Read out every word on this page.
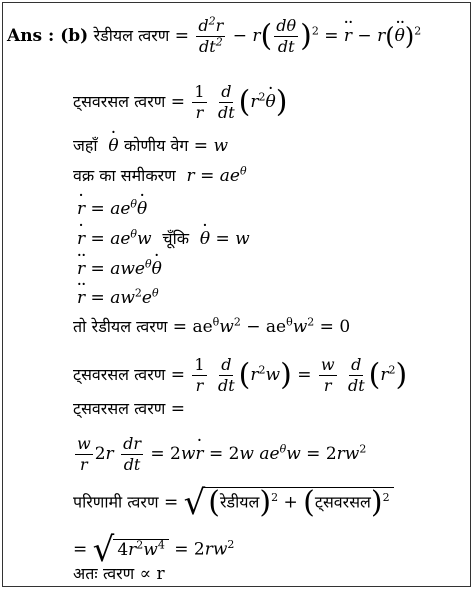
Ans : (b) रेडीयल त्वरण = $\frac{d^2r}{dt^2} - r( \frac{d\theta}{dt} )^2 = r$ ·· − $r(\theta \cdot\cdot)^2$
ट्सवरसल त्वरण = $\frac{1}{r}$
$\frac{d}{dt} (r^2\theta$ ·)
जहाँ θ · कोणीय वेग = w
वक्र का समीकरण $r = ae^\theta$
r · = $ae^\theta\theta$ ·
r · = $ae^\theta w$ चूँकि θ · = w
r ·· = awe$^\theta$θ ·
r ·· = $aw^2e^\theta$
तो रेडीयल त्वरण = $ae^\theta w^2 - ae^\theta w^2 = 0$
ट्सवरसल त्वरण = $\frac{1}{r}$
$\frac{d}{dt} (r^2w) = \frac{w}{r}$
$\frac{d}{dt} (r^2)$
ट्सवरसल त्वरण =
$\frac{w}{r} 2r \frac{dr}{dt} = 2wr$ · = 2w $ae^\theta w = 2rw^2$
परिणामी त्वरण = √ (रेडीयल)$^2$ + (ट्सवरसल)$^2$
= √ $4r^2w^4 = 2rw^2$
अतः त्वरण ∝ r
